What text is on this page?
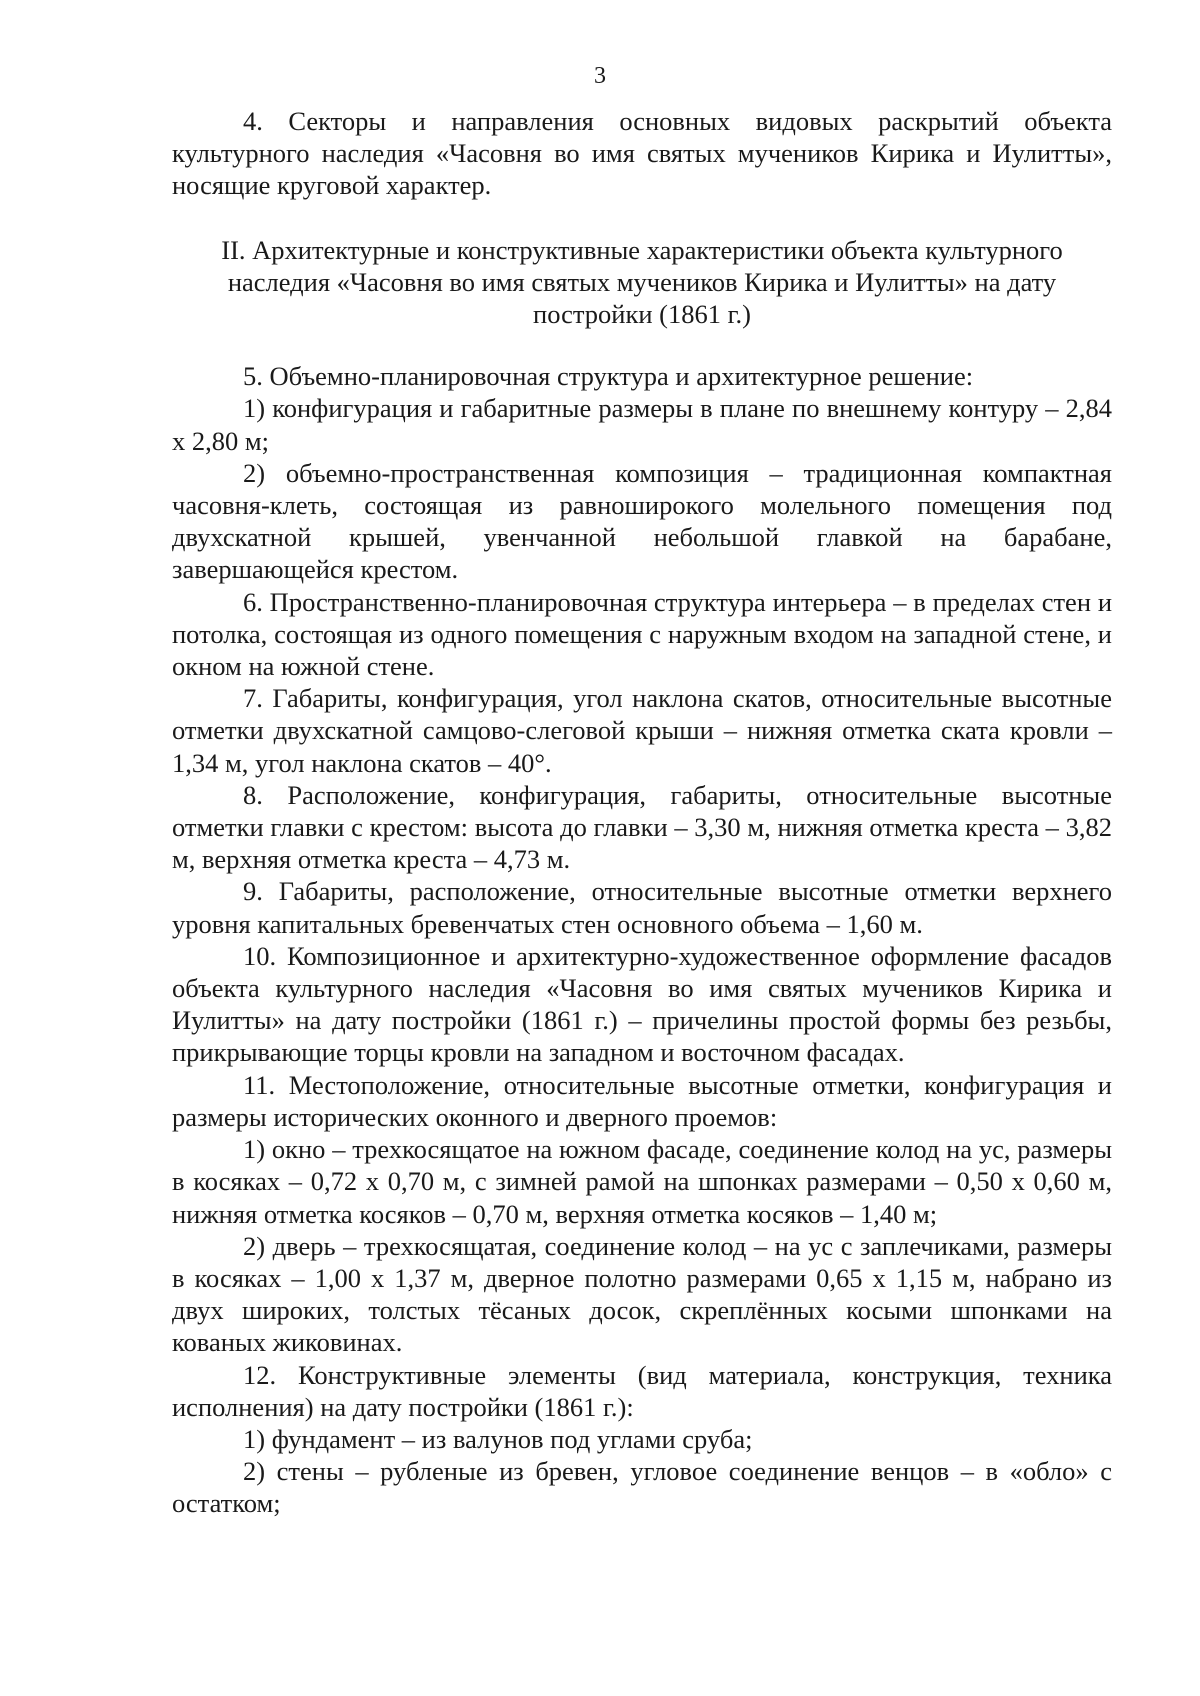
3

4. Секторы и направления основных видовых раскрытий объекта культурного наследия «Часовня во имя святых мучеников Кирика и Иулитты», носящие круговой характер.

II. Архитектурные и конструктивные характеристики объекта культурного наследия «Часовня во имя святых мучеников Кирика и Иулитты» на дату постройки (1861 г.)

5. Объемно-планировочная структура и архитектурное решение:

1) конфигурация и габаритные размеры в плане по внешнему контуру – 2,84 х 2,80 м;

2) объемно-пространственная композиция – традиционная компактная часовня-клеть, состоящая из равноширокого молельного помещения под двухскатной крышей, увенчанной небольшой главкой на барабане, завершающейся крестом.

6. Пространственно-планировочная структура интерьера – в пределах стен и потолка, состоящая из одного помещения с наружным входом на западной стене, и окном на южной стене.

7. Габариты, конфигурация, угол наклона скатов, относительные высотные отметки двухскатной самцово-слеговой крыши – нижняя отметка ската кровли – 1,34 м, угол наклона скатов – 40°.

8. Расположение, конфигурация, габариты, относительные высотные отметки главки с крестом: высота до главки – 3,30 м, нижняя отметка креста – 3,82 м, верхняя отметка креста – 4,73 м.

9. Габариты, расположение, относительные высотные отметки верхнего уровня капитальных бревенчатых стен основного объема – 1,60 м.

10. Композиционное и архитектурно-художественное оформление фасадов объекта культурного наследия «Часовня во имя святых мучеников Кирика и Иулитты» на дату постройки (1861 г.) – причелины простой формы без резьбы, прикрывающие торцы кровли на западном и восточном фасадах.

11. Местоположение, относительные высотные отметки, конфигурация и размеры исторических оконного и дверного проемов:

1) окно – трехкосящатое на южном фасаде, соединение колод на ус, размеры в косяках – 0,72 х 0,70 м, с зимней рамой на шпонках размерами – 0,50 х 0,60 м, нижняя отметка косяков – 0,70 м, верхняя отметка косяков – 1,40 м;

2) дверь – трехкосящатая, соединение колод – на ус с заплечиками, размеры в косяках – 1,00 х 1,37 м, дверное полотно размерами 0,65 х 1,15 м, набрано из двух широких, толстых тёсаных досок, скреплённых косыми шпонками на кованых жиковинах.

12. Конструктивные элементы (вид материала, конструкция, техника исполнения) на дату постройки (1861 г.):

1) фундамент – из валунов под углами сруба;

2) стены – рубленые из бревен, угловое соединение венцов – в «обло» с остатком;
